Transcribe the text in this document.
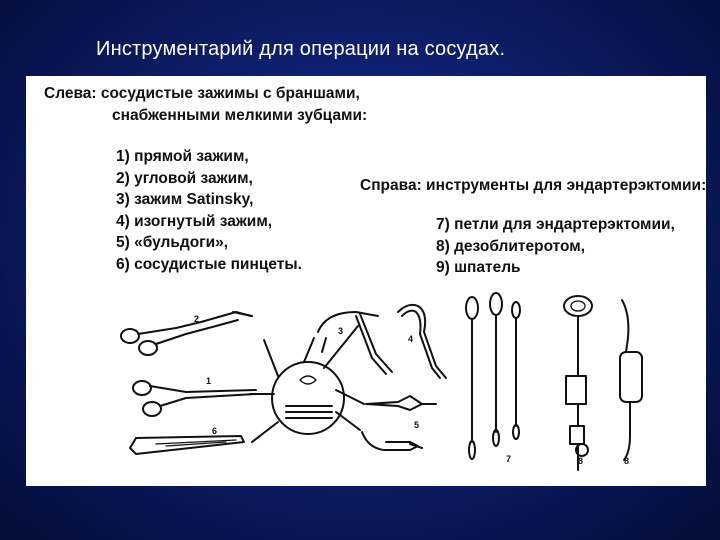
Инструментарий для операции на сосудах.
Слева: сосудистые зажимы с браншами,
снабженными мелкими зубцами:
1) прямой зажим,
2) угловой зажим,
3) зажим Satinsky,
4) изогнутый зажим,
5) «бульдоги»,
6) сосудистые пинцеты.
Справа: инструменты для эндартерэктомии:
7) петли для эндартерэктомии,
8) дезоблитеротом,
9) шпатель
2
1
6
3
4
5
7	8	8
